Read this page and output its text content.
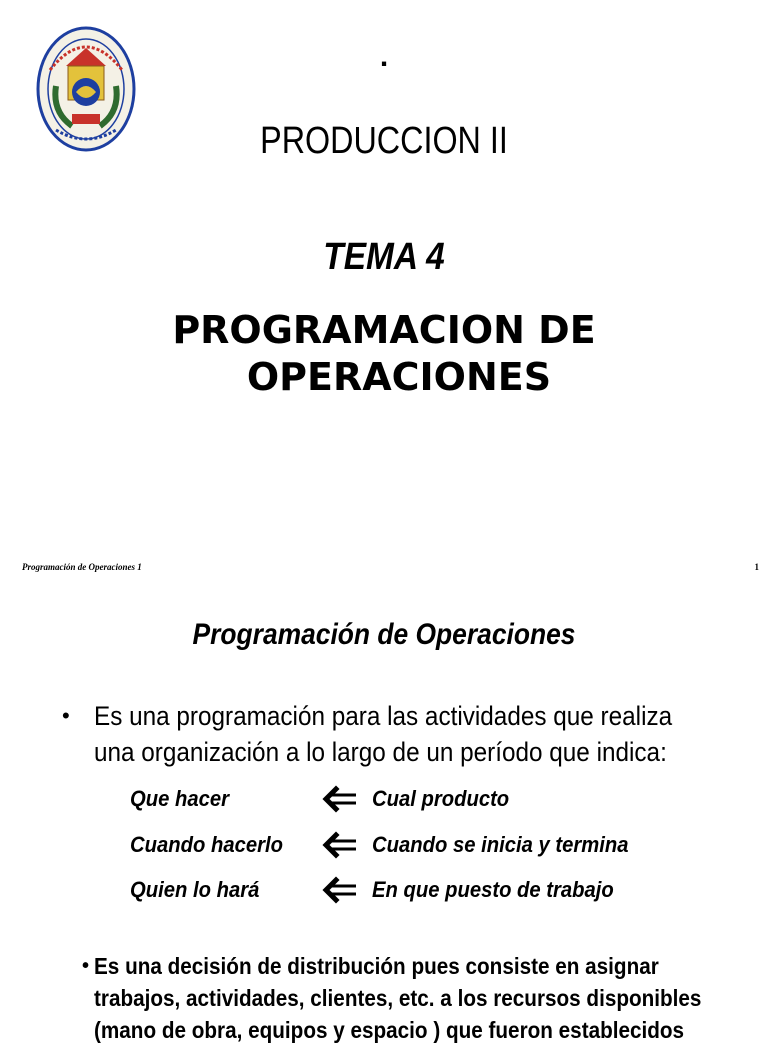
.
PRODUCCION II
TEMA 4
PROGRAMACION DE
OPERACIONES
Programación de Operaciones 1	1
Programación de Operaciones
• Es una programación para las actividades que realiza
una organización a lo largo de un período que indica:
Que hacer	Cual producto
Cuando hacerlo	Cuando se inicia y termina
Quien lo hará	En que puesto de trabajo
• Es una decisión de distribución pues consiste en asignar
trabajos, actividades, clientes, etc. a los recursos disponibles
(mano de obra, equipos y espacio ) que fueron establecidos
